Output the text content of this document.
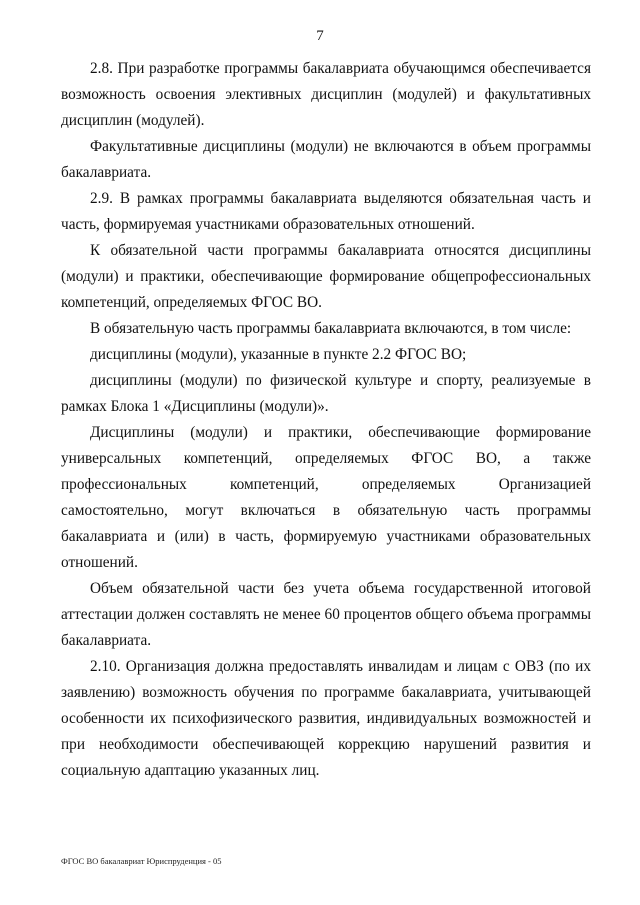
7

2.8. При разработке программы бакалавриата обучающимся обеспечивается возможность освоения элективных дисциплин (модулей) и факультативных дисциплин (модулей).

Факультативные дисциплины (модули) не включаются в объем программы бакалавриата.

2.9. В рамках программы бакалавриата выделяются обязательная часть и часть, формируемая участниками образовательных отношений.

К обязательной части программы бакалавриата относятся дисциплины (модули) и практики, обеспечивающие формирование общепрофессиональных компетенций, определяемых ФГОС ВО.

В обязательную часть программы бакалавриата включаются, в том числе:

дисциплины (модули), указанные в пункте 2.2 ФГОС ВО;

дисциплины (модули) по физической культуре и спорту, реализуемые в рамках Блока 1 «Дисциплины (модули)».

Дисциплины (модули) и практики, обеспечивающие формирование универсальных компетенций, определяемых ФГОС ВО, а также профессиональных компетенций, определяемых Организацией самостоятельно, могут включаться в обязательную часть программы бакалавриата и (или) в часть, формируемую участниками образовательных отношений.

Объем обязательной части без учета объема государственной итоговой аттестации должен составлять не менее 60 процентов общего объема программы бакалавриата.

2.10. Организация должна предоставлять инвалидам и лицам с ОВЗ (по их заявлению) возможность обучения по программе бакалавриата, учитывающей особенности их психофизического развития, индивидуальных возможностей и при необходимости обеспечивающей коррекцию нарушений развития и социальную адаптацию указанных лиц.

ФГОС ВО бакалавриат Юриспруденция - 05
